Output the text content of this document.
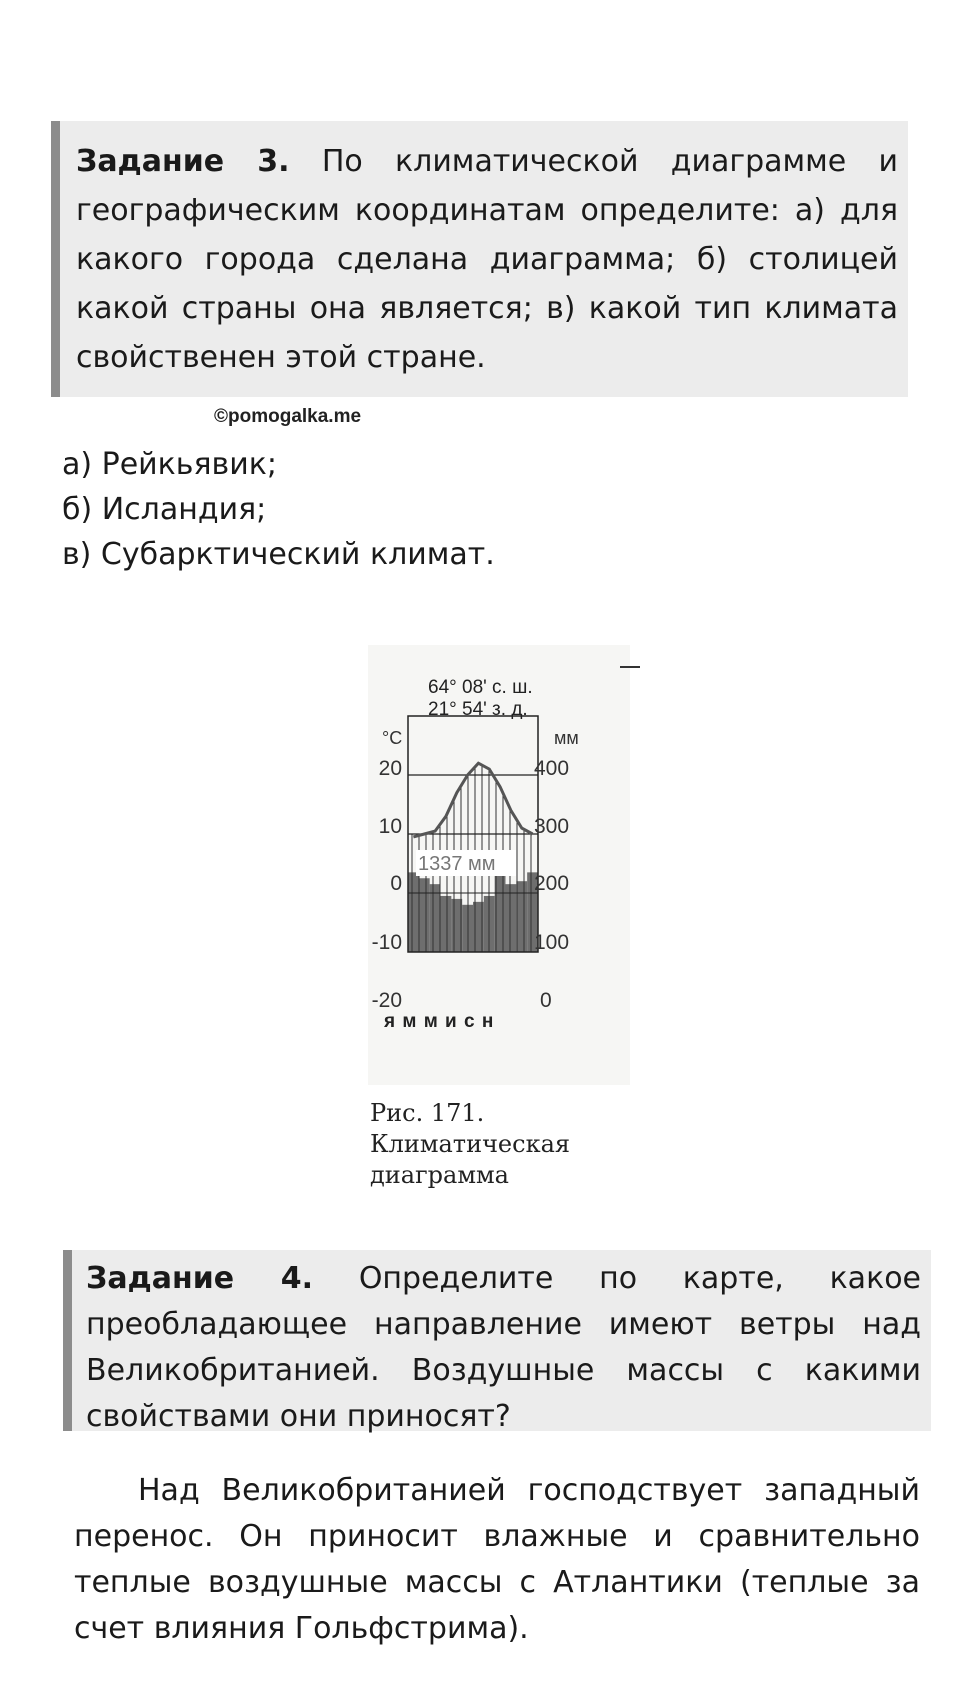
Задание 3. По климатической диаграмме и географическим координатам определите: а) для какого города сделана диаграмма; б) столицей какой страны она является; в) какой тип климата свойственен этой стране.
©pomogalka.me
а) Рейкьявик;
б) Исландия;
в) Субарктический климат.
64° 08' с. ш.
21° 54' з. д.
°C	мм
1337 мм
20
10
0
-10
-20
400
300
200
100
0
я м м и с н
Рис. 171. Климатическая диаграмма
Задание 4. Определите по карте, какое преобладающее направление имеют ветры над Великобританией. Воздушные массы с какими свойствами они приносят?
Над Великобританией господствует западный перенос. Он приносит влажные и сравнительно теплые воздушные массы с Атлантики (теплые за счет влияния Гольфстрима).
